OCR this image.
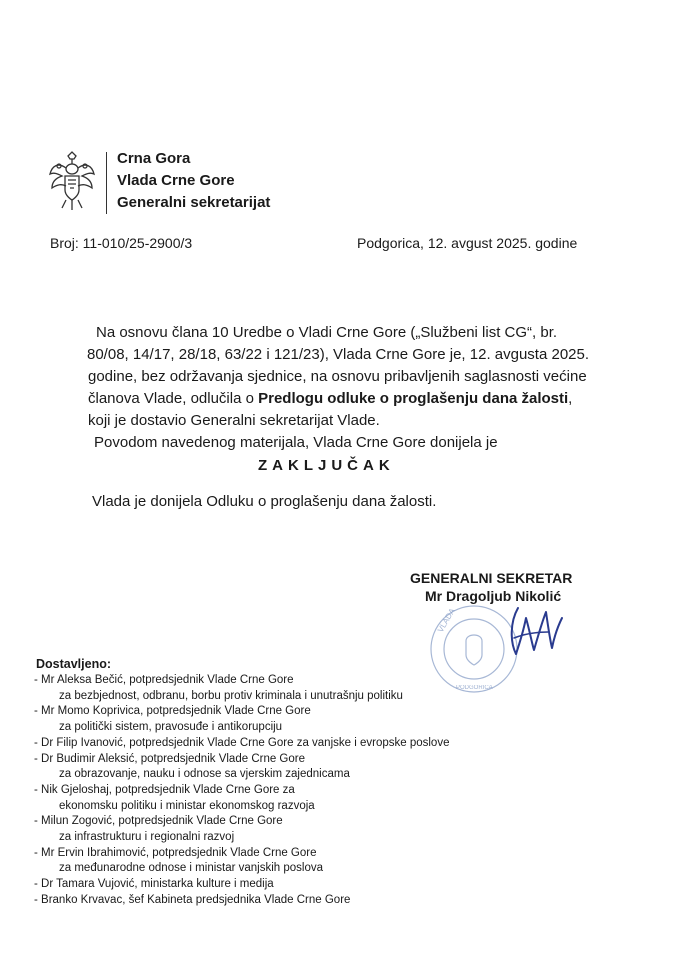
Crna Gora
Vlada Crne Gore
Generalni sekretarijat
Broj: 11-010/25-2900/3	Podgorica, 12. avgust 2025. godine

Na osnovu člana 10 Uredbe o Vladi Crne Gore („Službeni list CG“, br.

80/08, 14/17, 28/18, 63/22 i 121/23), Vlada Crne Gore je, 12. avgusta 2025.

godine, bez održavanja sjednice, na osnovu pribavljenih saglasnosti većine

članova Vlade, odlučila o Predlogu odluke o proglašenju dana žalosti,

koji je dostavio Generalni sekretarijat Vlade.

Povodom navedenog materijala, Vlada Crne Gore donijela je

ZAKLJUČAK
Vlada je donijela Odluku o proglašenju dana žalosti.
GENERALNI SEKRETAR
Mr Dragoljub Nikolić
VLADA
PODGORICA
Dostavljeno:
- Mr Aleksa Bečić, potpredsjednik Vlade Crne Gore
za bezbjednost, odbranu, borbu protiv kriminala i unutrašnju politiku
- Mr Momo Koprivica, potpredsjednik Vlade Crne Gore
za politički sistem, pravosuđe i antikorupciju
- Dr Filip Ivanović, potpredsjednik Vlade Crne Gore za vanjske i evropske poslove
- Dr Budimir Aleksić, potpredsjednik Vlade Crne Gore
za obrazovanje, nauku i odnose sa vjerskim zajednicama
- Nik Gjeloshaj, potpredsjednik Vlade Crne Gore za
ekonomsku politiku i ministar ekonomskog razvoja
- Milun Zogović, potpredsjednik Vlade Crne Gore
za infrastrukturu i regionalni razvoj
- Mr Ervin Ibrahimović, potpredsjednik Vlade Crne Gore
za međunarodne odnose i ministar vanjskih poslova
- Dr Tamara Vujović, ministarka kulture i medija
- Branko Krvavac, šef Kabineta predsjednika Vlade Crne Gore
